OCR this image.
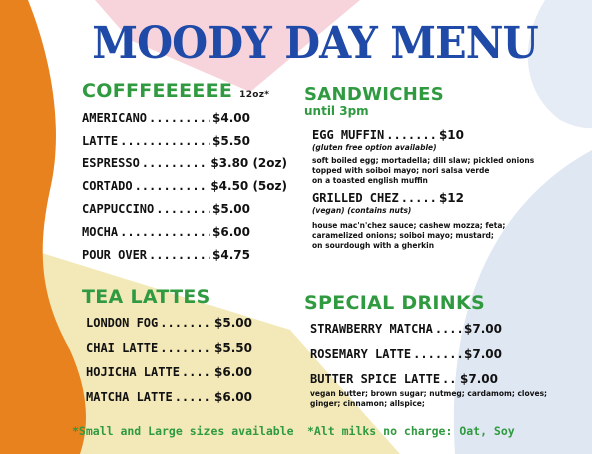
MOODY DAY MENU
COFFFEEEEEE 12oz*
AMERICANO .....	$4.00
LATTE .....	$5.50
ESPRESSO .....	$3.80 (2oz)
CORTADO .....	$4.50 (5oz)
CAPPUCCINO .....	$5.00
MOCHA .....	$6.00
POUR OVER .....	$4.75
TEA LATTES
LONDON FOG .....	$5.00
CHAI LATTE .....	$5.50
HOJICHA LATTE .....	$6.00
MATCHA LATTE .....	$6.00
SANDWICHES
until 3pm
EGG MUFFIN .....	$10
(gluten free option available)
soft boiled egg; mortadella; dill slaw; pickled onions
topped with soiboi mayo; nori salsa verde
on a toasted english muffin
GRILLED CHEZ .....	$12
(vegan) (contains nuts)
house mac'n'chez sauce; cashew mozza; feta;
caramelized onions; soiboi mayo; mustard;
on sourdough with a gherkin
SPECIAL DRINKS
STRAWBERRY MATCHA .....	$7.00
ROSEMARY LATTE .....	$7.00
BUTTER SPICE LATTE ..... $7.00
vegan butter; brown sugar; nutmeg; cardamom; cloves;
ginger; cinnamon; allspice;
*Small and Large sizes available *Alt milks no charge: Oat, Soy
